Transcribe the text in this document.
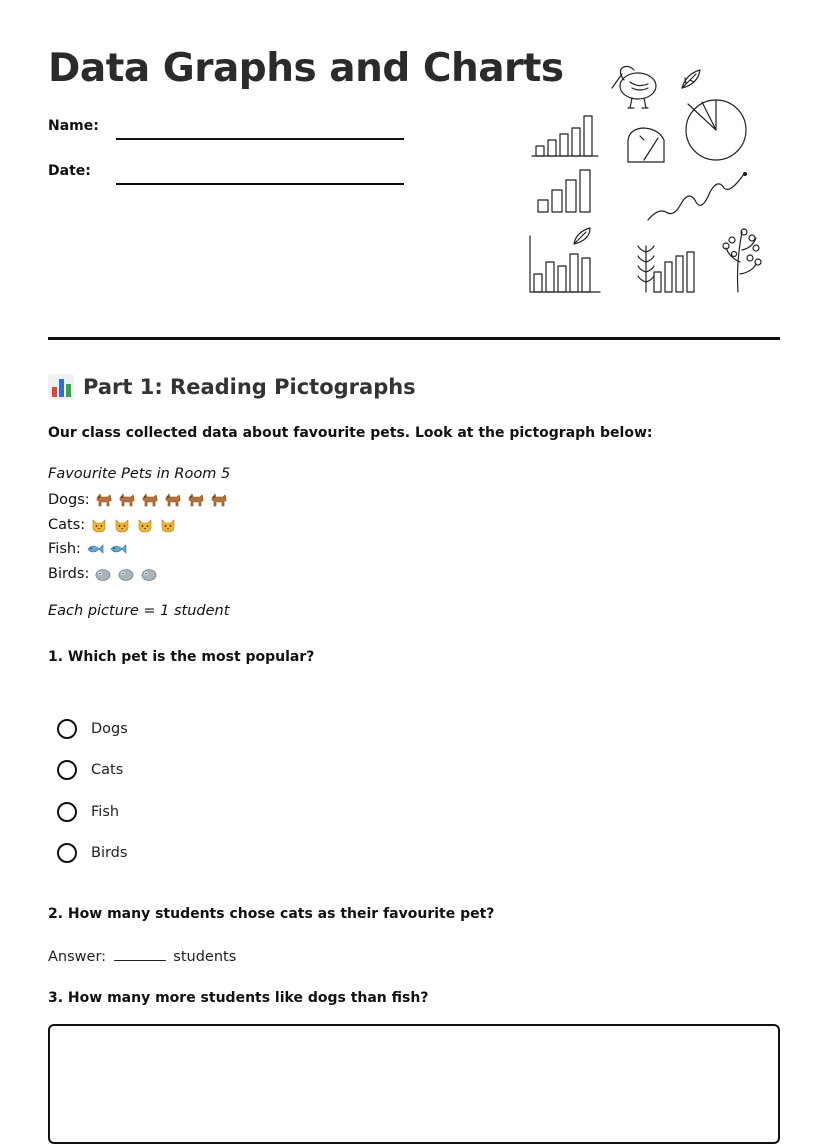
Data Graphs and Charts
Name:
Date:
Part 1: Reading Pictographs

Our class collected data about favourite pets. Look at the pictograph below:

Favourite Pets in Room 5
Dogs:
Cats:
Fish:
Birds:

Each picture = 1 student

1. Which pet is the most popular?

Dogs
Cats
Fish
Birds

2. How many students chose cats as their favourite pet?

Answer:	students

3. How many more students like dogs than fish?
